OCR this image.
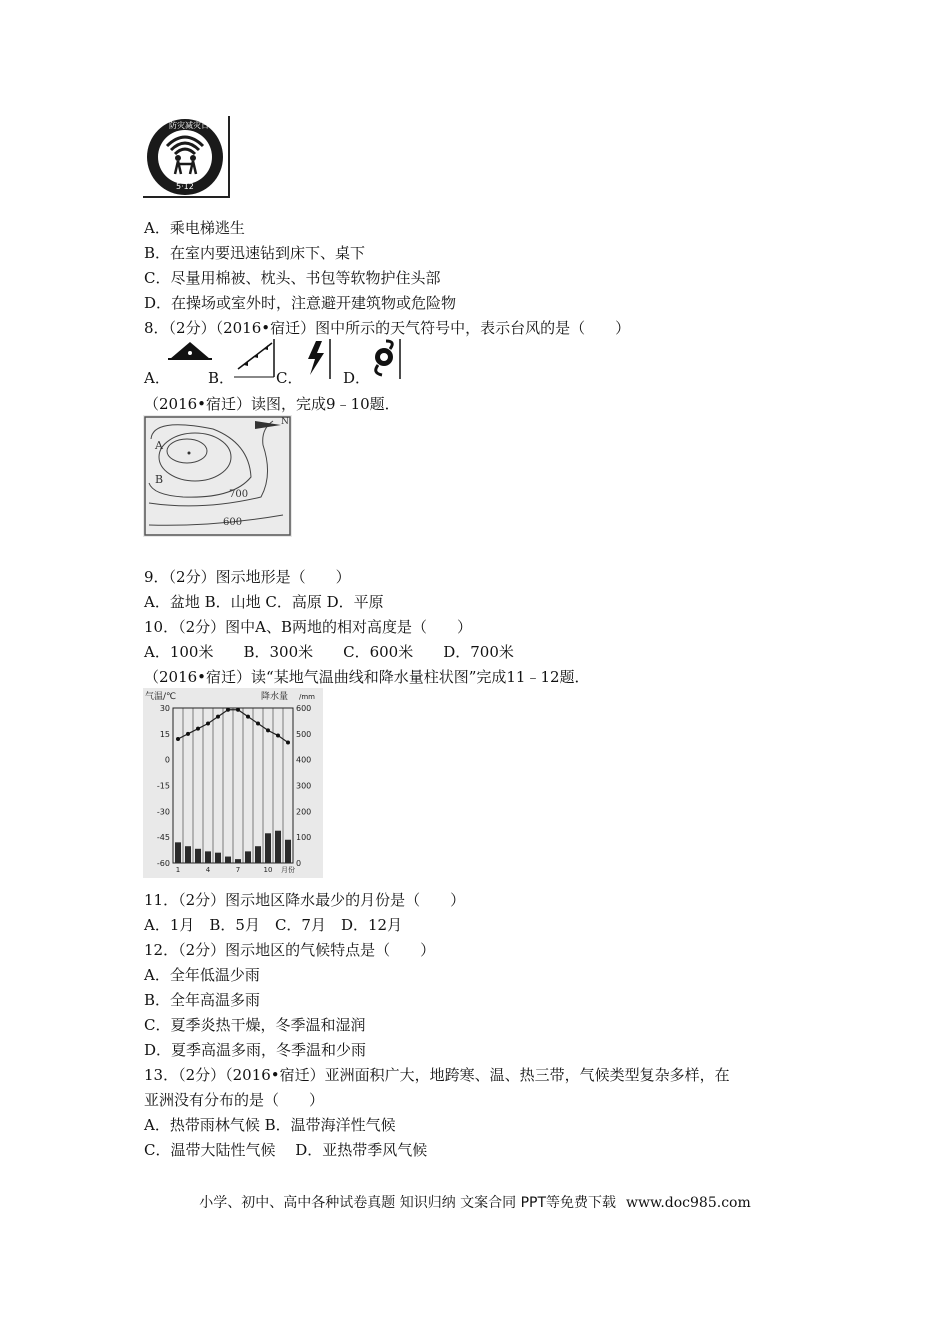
防灾减灾日
5·12
A．乘电梯逃生
B．在室内要迅速钻到床下、桌下
C．尽量用棉被、枕头、书包等软物护住头部
D．在操场或室外时，注意避开建筑物或危险物
8．（2分）（2016•宿迁）图中所示的天气符号中，表示台风的是（　　）
A．	B．	C．	D．
（2016•宿迁）读图，完成9﹣10题．
A
B
700
600
N
9．（2分）图示地形是（　　）
A．盆地 B．山地 C．高原 D．平原
10．（2分）图中A、B两地的相对高度是（　　）
A．100米　　B．300米　　C．600米　　D．700米
（2016•宿迁）读“某地气温曲线和降水量柱状图”完成11﹣12题．
气温/℃	降水量 /mm
30
15
0
-15
-30
-45
-60
600
500
400
300
200
100
0
1	4	7	10 月份
11．（2分）图示地区降水最少的月份是（　　）
A．1月　B．5月　C．7月　D．12月
12．（2分）图示地区的气候特点是（　　）
A．全年低温少雨
B．全年高温多雨
C．夏季炎热干燥，冬季温和湿润
D．夏季高温多雨，冬季温和少雨
13．（2分）（2016•宿迁）亚洲面积广大，地跨寒、温、热三带，气候类型复杂多样，在
亚洲没有分布的是（　　）
A．热带雨林气候 B．温带海洋性气候
C．温带大陆性气候　 D．亚热带季风气候
小学、初中、高中各种试卷真题 知识归纳 文案合同 PPT等免费下载 www.doc985.com
